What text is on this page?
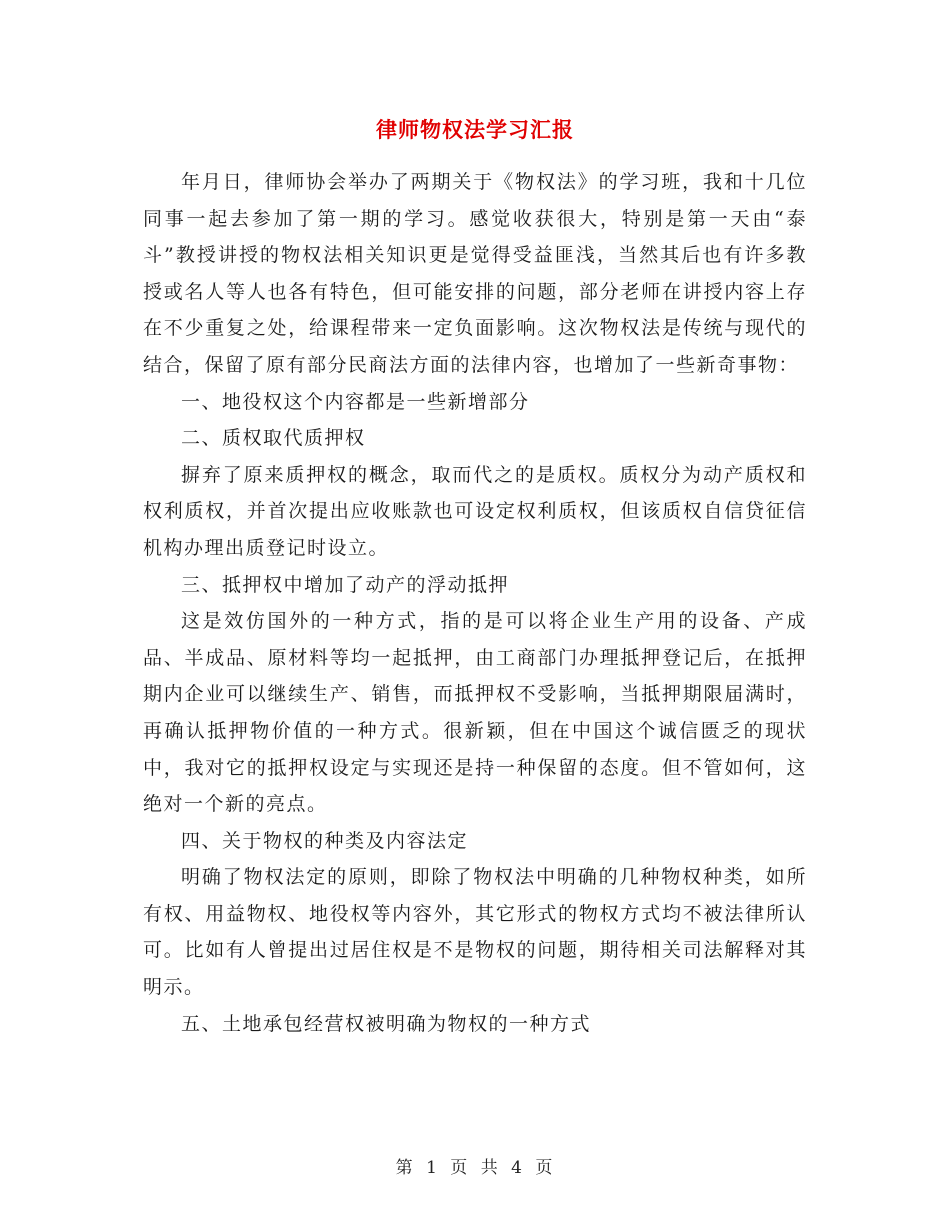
律师物权法学习汇报

年月日，律师协会举办了两期关于《物权法》的学习班，我和十几位同事一起去参加了第一期的学习。感觉收获很大，特别是第一天由“泰斗”教授讲授的物权法相关知识更是觉得受益匪浅，当然其后也有许多教授或名人等人也各有特色，但可能安排的问题，部分老师在讲授内容上存在不少重复之处，给课程带来一定负面影响。这次物权法是传统与现代的结合，保留了原有部分民商法方面的法律内容，也增加了一些新奇事物：

一、地役权这个内容都是一些新增部分

二、质权取代质押权

摒弃了原来质押权的概念，取而代之的是质权。质权分为动产质权和权利质权，并首次提出应收账款也可设定权利质权，但该质权自信贷征信机构办理出质登记时设立。

三、抵押权中增加了动产的浮动抵押

这是效仿国外的一种方式，指的是可以将企业生产用的设备、产成品、半成品、原材料等均一起抵押，由工商部门办理抵押登记后，在抵押期内企业可以继续生产、销售，而抵押权不受影响，当抵押期限届满时，再确认抵押物价值的一种方式。很新颖，但在中国这个诚信匮乏的现状中，我对它的抵押权设定与实现还是持一种保留的态度。但不管如何，这绝对一个新的亮点。

四、关于物权的种类及内容法定

明确了物权法定的原则，即除了物权法中明确的几种物权种类，如所有权、用益物权、地役权等内容外，其它形式的物权方式均不被法律所认可。比如有人曾提出过居住权是不是物权的问题，期待相关司法解释对其明示。

五、土地承包经营权被明确为物权的一种方式

第 1 页 共 4 页
